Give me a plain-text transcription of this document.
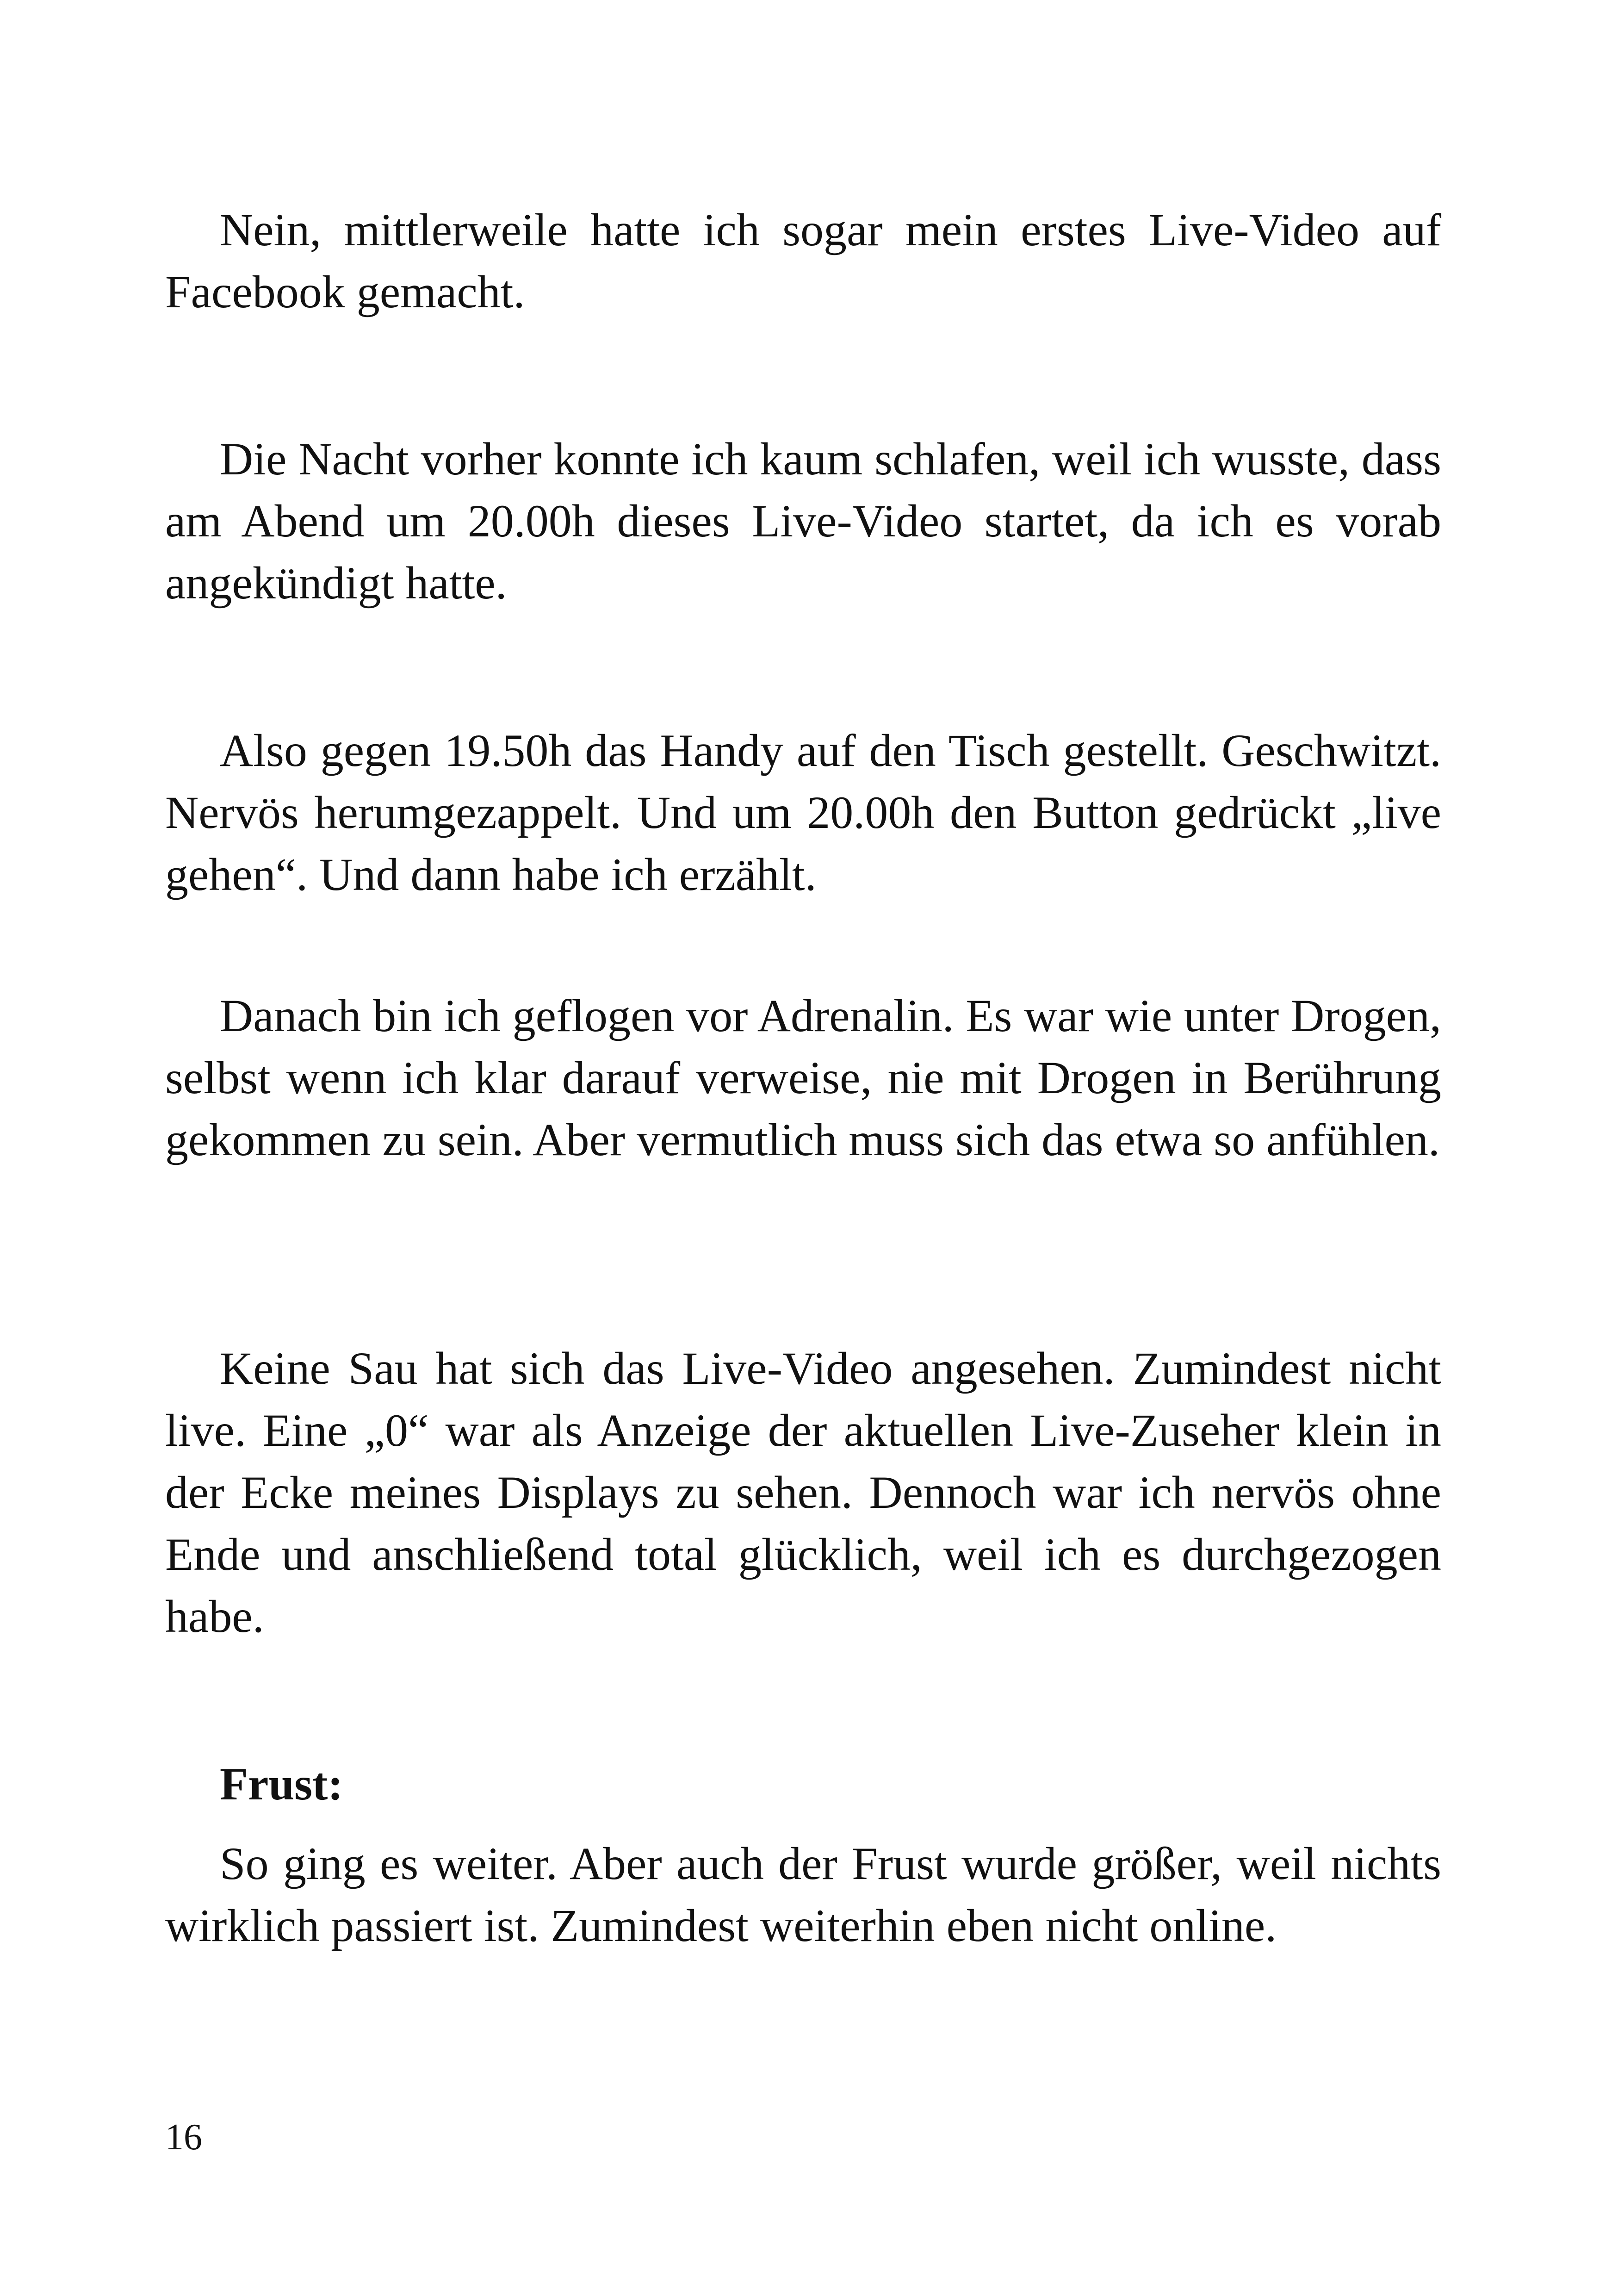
Nein, mittlerweile hatte ich sogar mein erstes Live-Video auf Facebook gemacht.

Die Nacht vorher konnte ich kaum schlafen, weil ich wusste, dass am Abend um 20.00h dieses Live-Video startet, da ich es vorab angekündigt hatte.

Also gegen 19.50h das Handy auf den Tisch gestellt. Geschwitzt. Nervös herumgezappelt. Und um 20.00h den Button gedrückt „live gehen“. Und dann habe ich erzählt.

Danach bin ich geflogen vor Adrenalin. Es war wie unter Drogen, selbst wenn ich klar darauf verweise, nie mit Drogen in Berührung gekommen zu sein. Aber vermutlich muss sich das etwa so anfühlen.

Keine Sau hat sich das Live-Video angesehen. Zumindest nicht live. Eine „0“ war als Anzeige der aktuellen Live-Zuseher klein in der Ecke meines Displays zu sehen. Dennoch war ich nervös ohne Ende und anschließend total glücklich, weil ich es durchgezogen habe.

Frust:

So ging es weiter. Aber auch der Frust wurde größer, weil nichts wirklich passiert ist. Zumindest weiterhin eben nicht online.

16
